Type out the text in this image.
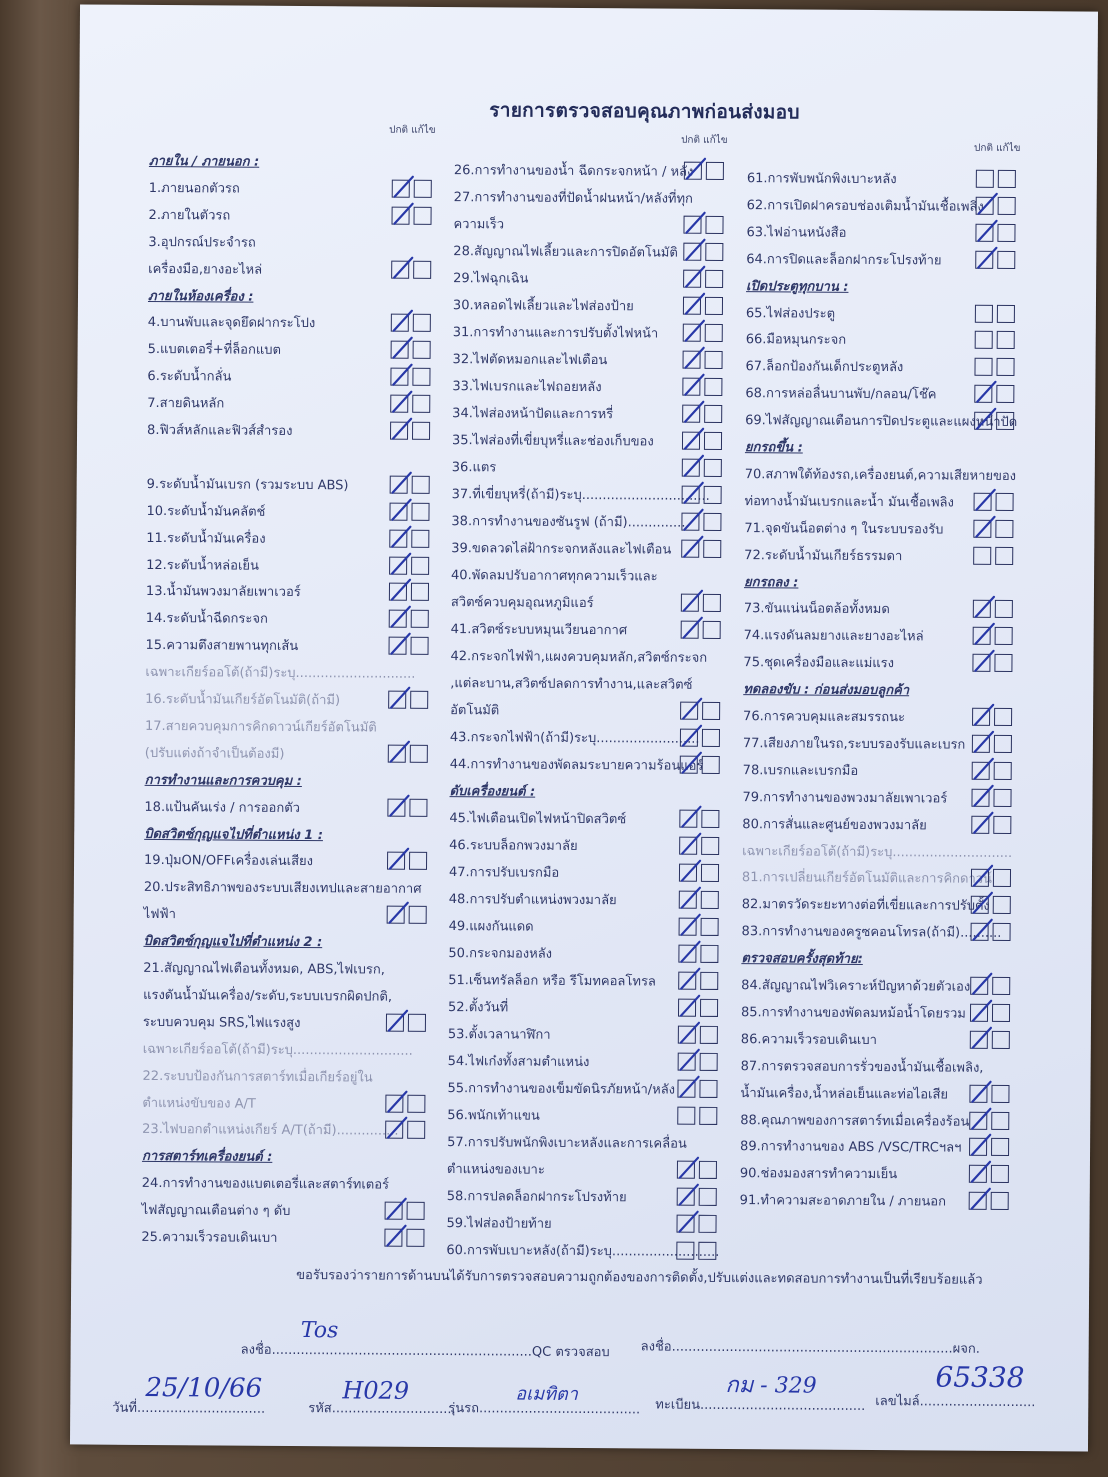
รายการตรวจสอบคุณภาพก่อนส่งมอบ
ปกติ แก้ไข
ปกติ แก้ไข
ปกติ แก้ไข
ภายใน / ภายนอก :
1.ภายนอกตัวรถ
2.ภายในตัวรถ
3.อุปกรณ์ประจำรถ
เครื่องมือ,ยางอะไหล่
ภายในห้องเครื่อง :
4.บานพับและจุดยึดฝากระโปง
5.แบตเตอรี่+ที่ล็อกแบต
6.ระดับน้ำกลั่น
7.สายดินหลัก
8.ฟิวส์หลักและฟิวส์สำรอง
9.ระดับน้ำมันเบรก (รวมระบบ ABS)
10.ระดับน้ำมันคลัตช์
11.ระดับน้ำมันเครื่อง
12.ระดับน้ำหล่อเย็น
13.น้ำมันพวงมาลัยเพาเวอร์
14.ระดับน้ำฉีดกระจก
15.ความตึงสายพานทุกเส้น
เฉพาะเกียร์ออโต้(ถ้ามี)ระบุ.............................
16.ระดับน้ำมันเกียร์อัตโนมัติ(ถ้ามี)
17.สายควบคุมการคิกดาวน์เกียร์อัตโนมัติ
(ปรับแต่งถ้าจำเป็นต้องมี)
การทำงานและการควบคุม :
18.แป้นคันเร่ง / การออกตัว
บิดสวิตซ์กุญแจไปที่ตำแหน่ง 1 :
19.ปุ่มON/OFFเครื่องเล่นเสียง
20.ประสิทธิภาพของระบบเสียงเทปและสายอากาศ
ไฟฟ้า
บิดสวิตซ์กุญแจไปที่ตำแหน่ง 2 :
21.สัญญาณไฟเตือนทั้งหมด, ABS,ไฟเบรก,
แรงดันน้ำมันเครื่อง/ระดับ,ระบบเบรกผิดปกติ,
ระบบควบคุม SRS,ไฟแรงสูง
เฉพาะเกียร์ออโต้(ถ้ามี)ระบุ.............................
22.ระบบป้องกันการสตาร์ทเมื่อเกียร์อยู่ใน
ตำแหน่งขับของ A/T
23.ไฟบอกตำแหน่งเกียร์ A/T(ถ้ามี)...............
การสตาร์ทเครื่องยนต์ :
24.การทำงานของแบตเตอรี่และสตาร์ทเตอร์
ไฟสัญญาณเตือนต่าง ๆ ดับ
25.ความเร็วรอบเดินเบา
26.การทำงานของน้ำ ฉีดกระจกหน้า / หลัง
27.การทำงานของที่ปัดน้ำฝนหน้า/หลังที่ทุก
ความเร็ว
28.สัญญาณไฟเลี้ยวและการปิดอัตโนมัติ
29.ไฟฉุกเฉิน
30.หลอดไฟเลี้ยวและไฟส่องป้าย
31.การทำงานและการปรับตั้งไฟหน้า
32.ไฟตัดหมอกและไฟเตือน
33.ไฟเบรกและไฟถอยหลัง
34.ไฟส่องหน้าปัดและการหรี่
35.ไฟส่องที่เขี่ยบุหรี่และช่องเก็บของ
36.แตร
37.ที่เขี่ยบุหรี่(ถ้ามี)ระบุ...............................
38.การทำงานของซันรูฟ (ถ้ามี)...............
39.ขดลวดไล่ฝ้ากระจกหลังและไฟเตือน
40.พัดลมปรับอากาศทุกความเร็วและ
สวิตซ์ควบคุมอุณหภูมิแอร์
41.สวิตซ์ระบบหมุนเวียนอากาศ
42.กระจกไฟฟ้า,แผงควบคุมหลัก,สวิตซ์กระจก
,แต่ละบาน,สวิตซ์ปลดการทำงาน,และสวิตซ์
อัตโนมัติ
43.กระจกไฟฟ้า(ถ้ามี)ระบุ.........................
44.การทำงานของพัดลมระบายความร้อนแอร์
ดับเครื่องยนต์ :
45.ไฟเตือนเปิดไฟหน้าปิดสวิตซ์
46.ระบบล็อกพวงมาลัย
47.การปรับเบรกมือ
48.การปรับตำแหน่งพวงมาลัย
49.แผงกันแดด
50.กระจกมองหลัง
51.เซ็นทรัลล็อก หรือ รีโมทคอลโทรล
52.ตั้งวันที่
53.ตั้งเวลานาฬิกา
54.ไฟเก๋งทั้งสามตำแหน่ง
55.การทำงานของเข็มขัดนิรภัยหน้า/หลัง
56.พนักเท้าแขน
57.การปรับพนักพิงเบาะหลังและการเคลื่อน
ตำแหน่งของเบาะ
58.การปลดล็อกฝากระโปรงท้าย
59.ไฟส่องป้ายท้าย
60.การพับเบาะหลัง(ถ้ามี)ระบุ..........................
61.การพับพนักพิงเบาะหลัง
62.การเปิดฝาครอบช่องเติมน้ำมันเชื้อเพลิง
63.ไฟอ่านหนังสือ
64.การปิดและล็อกฝากระโปรงท้าย
เปิดประตูทุกบาน :
65.ไฟส่องประตู
66.มือหมุนกระจก
67.ล็อกป้องกันเด็กประตูหลัง
68.การหล่อลื่นบานพับ/กลอน/โช๊ค
69.ไฟสัญญาณเตือนการปิดประตูและแผงหน้าปัด
ยกรถขึ้น :
70.สภาพใต้ท้องรถ,เครื่องยนต์,ความเสียหายของ
ท่อทางน้ำมันเบรกและน้ำ มันเชื้อเพลิง
71.จุดขันน็อตต่าง ๆ ในระบบรองรับ
72.ระดับน้ำมันเกียร์ธรรมดา
ยกรถลง :
73.ขันแน่นน็อตล้อทั้งหมด
74.แรงดันลมยางและยางอะไหล่
75.ชุดเครื่องมือและแม่แรง
ทดลองขับ : ก่อนส่งมอบลูกค้า
76.การควบคุมและสมรรถนะ
77.เสียงภายในรถ,ระบบรองรับและเบรก
78.เบรกและเบรกมือ
79.การทำงานของพวงมาลัยเพาเวอร์
80.การสั่นและศูนย์ของพวงมาลัย
เฉพาะเกียร์ออโต้(ถ้ามี)ระบุ.............................
81.การเปลี่ยนเกียร์อัตโนมัติและการคิกดาวน์
82.มาตรวัดระยะทางต่อที่เขี่ยและการปรับตั้ง
83.การทำงานของครูซคอนโทรล(ถ้ามี)..........
ตรวจสอบครั้งสุดท้าย:
84.สัญญาณไฟวิเคราะห์ปัญหาด้วยตัวเอง
85.การทำงานของพัดลมหม้อน้ำโดยรวม
86.ความเร็วรอบเดินเบา
87.การตรวจสอบการรั่วของน้ำมันเชื้อเพลิง,
น้ำมันเครื่อง,น้ำหล่อเย็นและท่อไอเสีย
88.คุณภาพของการสตาร์ทเมื่อเครื่องร้อน
89.การทำงานของ ABS /VSC/TRCฯลฯ
90.ช่องมองสารทำความเย็น
91.ทำความสะอาดภายใน / ภายนอก
ขอรับรองว่ารายการด้านบนได้รับการตรวจสอบความถูกต้องของการติดตั้ง,ปรับแต่งและทดสอบการทำงานเป็นที่เรียบร้อยแล้ว
ลงชื่อ...............................................................QC ตรวจสอบ
Tos
ลงชื่อ....................................................................ผจก.
วันที่...............................
25/10/66
รหัส..............................
H029
รุ่นรถ.......................................
อเมทิตา
ทะเบียน........................................
กม - 329
เลขไมล์............................
65338
